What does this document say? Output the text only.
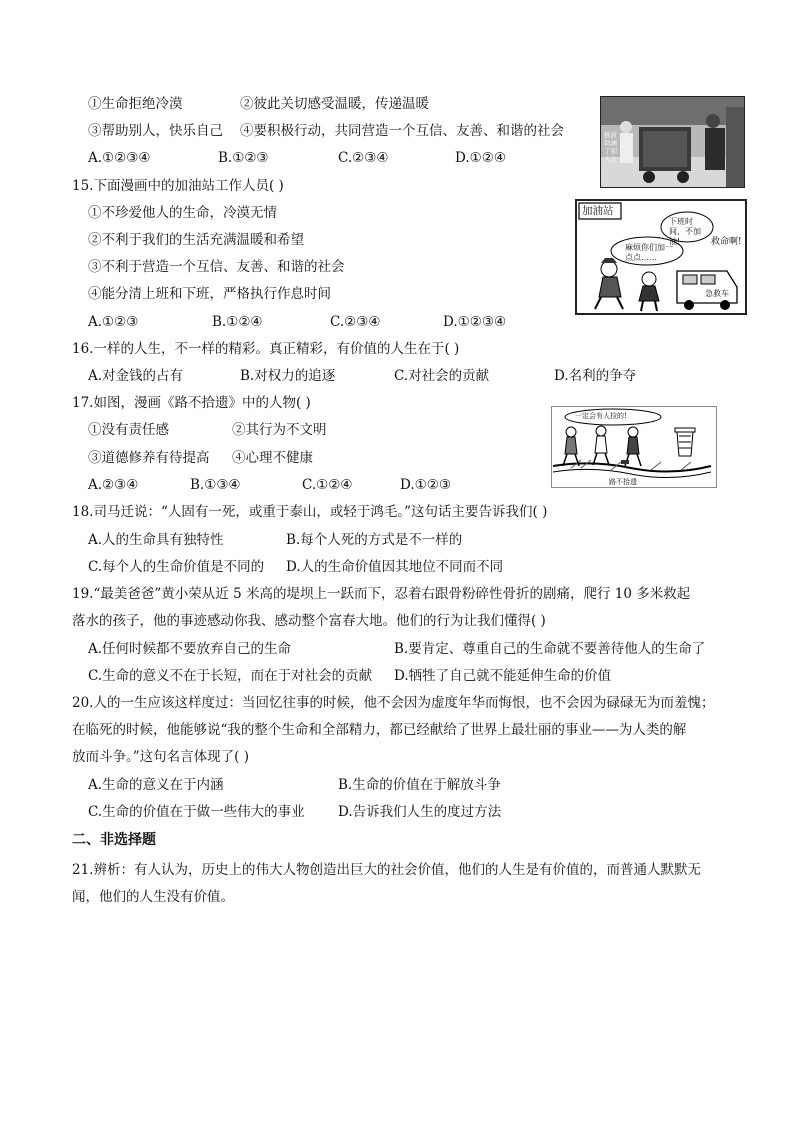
①生命拒绝冷漠	②彼此关切感受温暖，传递温暖
③帮助别人，快乐自己 ④要积极行动，共同营造一个互信、友善、和谐的社会
A.①②③④	B.①②③	C.②③④	D.①②④
推波助澜了别人之
15.下面漫画中的加油站工作人员( )
①不珍爱他人的生命，冷漠无情
②不利于我们的生活充满温暖和希望
③不利于营造一个互信、友善、和谐的社会
④能分清上班和下班，严格执行作息时间
A.①②③	B.①②④	C.②③④	D.①②③④
加油站
下班时间，不加油!	救命啊!
麻烦你们加一点点……
急救车
16.一样的人生，不一样的精彩。真正精彩，有价值的人生在于( )
A.对金钱的占有	B.对权力的追逐	C.对社会的贡献	D.名利的争夺
17.如图，漫画《路不拾遗》中的人物( )
①没有责任感	②其行为不文明
③道德修养有待提高 ④心理不健康
A.②③④	B.①③④	C.①②④	D.①②③
一定会有人捡的!
路不拾遗
18.司马迁说：“人固有一死，或重于泰山，或轻于鸿毛。”这句话主要告诉我们( )
A.人的生命具有独特性	B.每个人死的方式是不一样的
C.每个人的生命价值是不同的 D.人的生命价值因其地位不同而不同
19.“最美爸爸”黄小荣从近 5 米高的堤坝上一跃而下，忍着右跟骨粉碎性骨折的剧痛，爬行 10 多米救起
落水的孩子，他的事迹感动你我、感动整个富春大地。他们的行为让我们懂得( )
A.任何时候都不要放弃自己的生命	B.要肯定、尊重自己的生命就不要善待他人的生命了
C.生命的意义不在于长短，而在于对社会的贡献 D.牺牲了自己就不能延伸生命的价值
20.人的一生应该这样度过：当回忆往事的时候，他不会因为虚度年华而悔恨，也不会因为碌碌无为而羞愧；
在临死的时候，他能够说“我的整个生命和全部精力，都已经献给了世界上最壮丽的事业——为人类的解
放而斗争。”这句名言体现了( )
A.生命的意义在于内涵	B.生命的价值在于解放斗争
C.生命的价值在于做一些伟大的事业 D.告诉我们人生的度过方法
二、非选择题
21.辨析：有人认为，历史上的伟大人物创造出巨大的社会价值，他们的人生是有价值的，而普通人默默无
闻，他们的人生没有价值。
